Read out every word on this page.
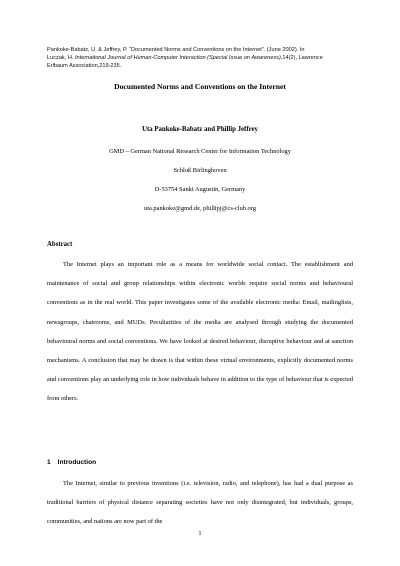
Pankoke-Babatz, U. & Jeffrey, P. “Documented Norms and Conventions on the Internet”. (June 2002). In
Luczak, H. International Journal of Human-Computer Interaction (Special Issue on Awareness),14(2), Lawrence
Erlbaum Association,219-235.
Documented Norms and Conventions on the Internet
Uta Pankoke-Babatz and Phillip Jeffrey
GMD – German National Research Center for Information Technology
Schloß Birlinghoven
D-53754 Sankt Augustin, Germany
uta.pankoke@gmd.de, phillipj@cs-club.org
Abstract

The Internet plays an important role as a means for worldwide social contact. The establishment and maintenance of social and group relationships within electronic worlds require social norms and behavioural conventions as in the real world. This paper investigates some of the available electronic media: Email, mailinglists, newsgroups, chatrooms, and MUDs. Peculiarities of the media are analysed through studying the documented behavioural norms and social conventions. We have looked at desired behaviour, disruptive behaviour and at sanction mechanisms. A conclusion that may be drawn is that within these virtual environments, explicitly documented norms and conventions play an underlying role in how individuals behave in addition to the type of behaviour that is expected from others.

1 Introduction

The Internet, similar to previous inventions (i.e. television, radio, and telephone), has had a dual purpose as traditional barriers of physical distance separating societies have not only disintegrated, but individuals, groups, communities, and nations are now part of the

1
